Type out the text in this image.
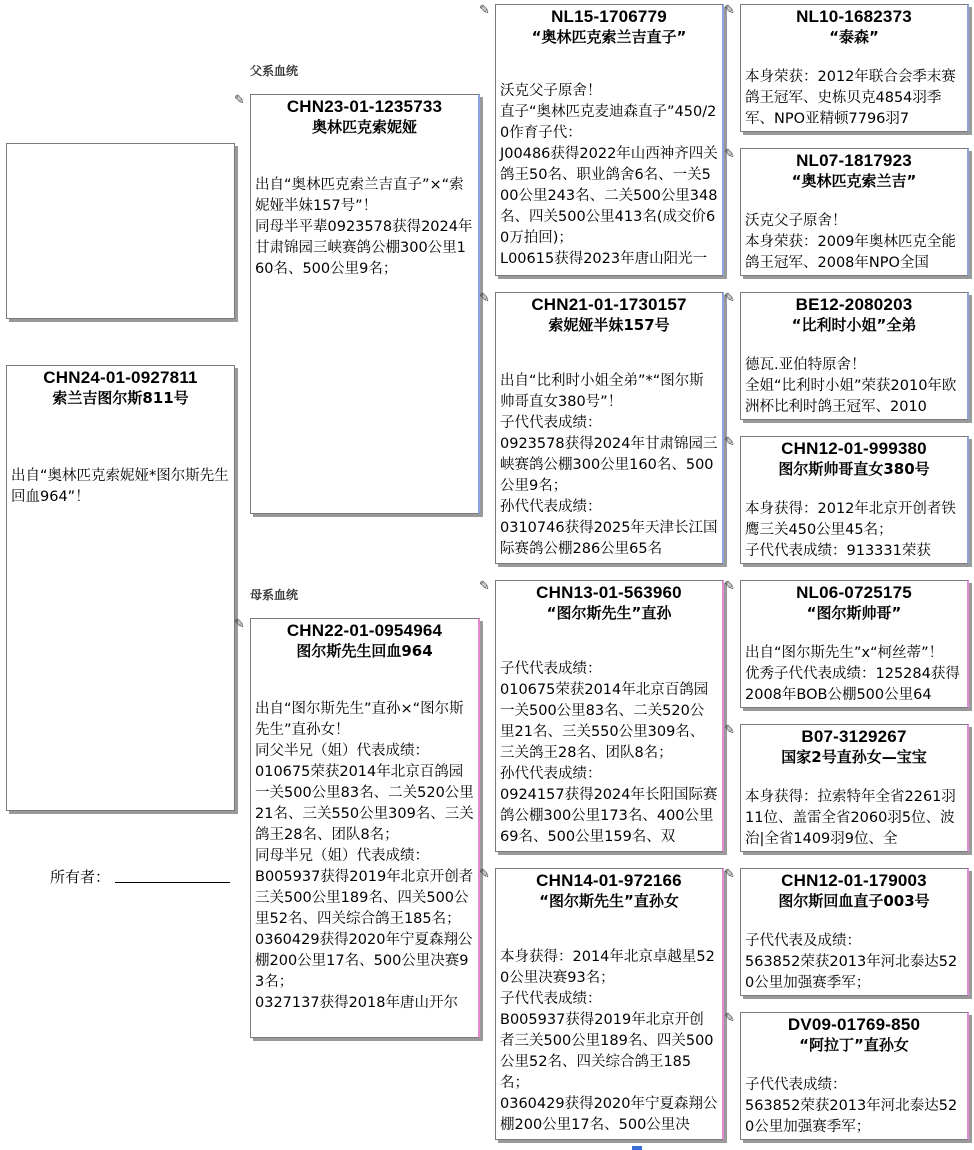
父系血统
母系血统
CHN24-01-0927811
索兰吉图尔斯811号
出自“奥林匹克索妮娅*图尔斯先生回血964”！
所有者：
✎	CHN23-01-1235733
奥林匹克索妮娅
出自“奥林匹克索兰吉直子”×“索妮娅半妹157号”！
同母半平辈0923578获得2024年甘肃锦园三峡赛鸽公棚300公里160名、500公里9名；
✎	CHN22-01-0954964
图尔斯先生回血964
出自“图尔斯先生”直孙×“图尔斯先生”直孙女！
同父半兄（姐）代表成绩：
010675荣获2014年北京百鸽园一关500公里83名、二关520公里21名、三关550公里309名、三关鸽王28名、团队8名；
同母半兄（姐）代表成绩：
B005937获得2019年北京开创者三关500公里189名、四关500公里52名、四关综合鸽王185名；
0360429获得2020年宁夏森翔公棚200公里17名、500公里决赛93名；
0327137获得2018年唐山开尔
✎	NL15-1706779
“奥林匹克索兰吉直子”
沃克父子原舍！
直子“奥林匹克麦迪森直子”450/20作育子代：
J00486获得2022年山西神齐四关鸽王50名、职业鸽舍6名、一关500公里243名、二关500公里348名、四关500公里413名(成交价60万拍回)；
L00615获得2023年唐山阳光一
✎	CHN21-01-1730157
索妮娅半妹157号
出自“比利时小姐全弟”*“图尔斯帅哥直女380号”！
子代代表成绩：
0923578获得2024年甘肃锦园三峡赛鸽公棚300公里160名、500公里9名；
孙代代表成绩：
0310746获得2025年天津长江国际赛鸽公棚286公里65名
✎	CHN13-01-563960
“图尔斯先生”直孙
子代代表成绩：
010675荣获2014年北京百鸽园一关500公里83名、二关520公里21名、三关550公里309名、三关鸽王28名、团队8名；
孙代代表成绩：
0924157获得2024年长阳国际赛鸽公棚300公里173名、400公里69名、500公里159名、双
✎	CHN14-01-972166
“图尔斯先生”直孙女
本身获得：2014年北京卓越星520公里决赛93名；
子代代表成绩：
B005937获得2019年北京开创者三关500公里189名、四关500公里52名、四关综合鸽王185名；
0360429获得2020年宁夏森翔公棚200公里17名、500公里决
✎	NL10-1682373
“泰森”
本身荣获：2012年联合会季末赛鸽王冠军、史栋贝克4854羽季军、NPO亚精顿7796羽7
✎	NL07-1817923
“奥林匹克索兰吉”
沃克父子原舍！
本身荣获：2009年奥林匹克全能鸽王冠军、2008年NPO全国
✎	BE12-2080203
“比利时小姐”全弟
德瓦.亚伯特原舍！
全姐“比利时小姐”荣获2010年欧洲杯比利时鸽王冠军、2010
✎	CHN12-01-999380
图尔斯帅哥直女380号
本身获得：2012年北京开创者铁鹰三关450公里45名；
子代代表成绩：913331荣获
✎	NL06-0725175
“图尔斯帅哥”
出自“图尔斯先生”x“柯丝蒂”！
优秀子代代表成绩：125284获得2008年BOB公棚500公里64
✎	B07-3129267
国家2号直孙女—宝宝
本身获得：拉索特年全省2261羽11位、盖雷全省2060羽5位、波治|全省1409羽9位、全
✎	CHN12-01-179003
图尔斯回血直子003号
子代代表及成绩：
563852荣获2013年河北泰达520公里加强赛季军；
✎	DV09-01769-850
“阿拉丁”直孙女
子代代表成绩：
563852荣获2013年河北泰达520公里加强赛季军；
